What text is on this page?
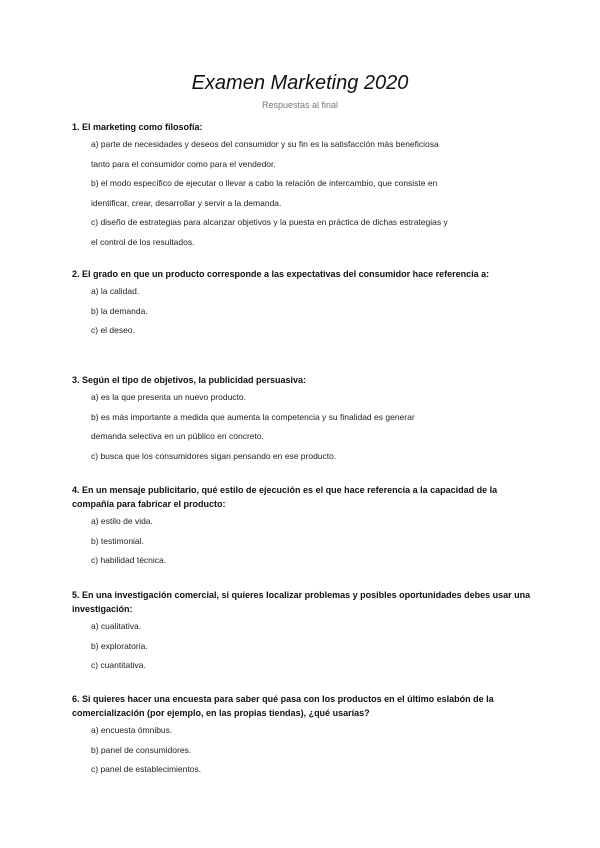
Examen Marketing 2020
Respuestas al final
1. El marketing como filosofía:
a) parte de necesidades y deseos del consumidor y su fin es la satisfacción más beneficiosa
tanto para el consumidor como para el vendedor.
b) el modo específico de ejecutar o llevar a cabo la relación de intercambio, que consiste en
identificar, crear, desarrollar y servir a la demanda.
c) diseño de estrategias para alcanzar objetivos y la puesta en práctica de dichas estrategias y
el control de los resultados.
2. El grado en que un producto corresponde a las expectativas del consumidor hace referencia a:
a) la calidad.
b) la demanda.
c) el deseo.
3. Según el tipo de objetivos, la publicidad persuasiva:
a) es la que presenta un nuevo producto.
b) es más importante a medida que aumenta la competencia y su finalidad es generar
demanda selectiva en un público en concreto.
c) busca que los consumidores sigan pensando en ese producto.
4. En un mensaje publicitario, qué estilo de ejecución es el que hace referencia a la capacidad de la compañía para fabricar el producto:
a) estilo de vida.
b) testimonial.
c) habilidad técnica.
5. En una investigación comercial, si quieres localizar problemas y posibles oportunidades debes usar una investigación:
a) cualitativa.
b) exploratoria.
c) cuantitativa.
6. Si quieres hacer una encuesta para saber qué pasa con los productos en el último eslabón de la comercialización (por ejemplo, en las propias tiendas), ¿qué usarías?
a) encuesta ómnibus.
b) panel de consumidores.
c) panel de establecimientos.
